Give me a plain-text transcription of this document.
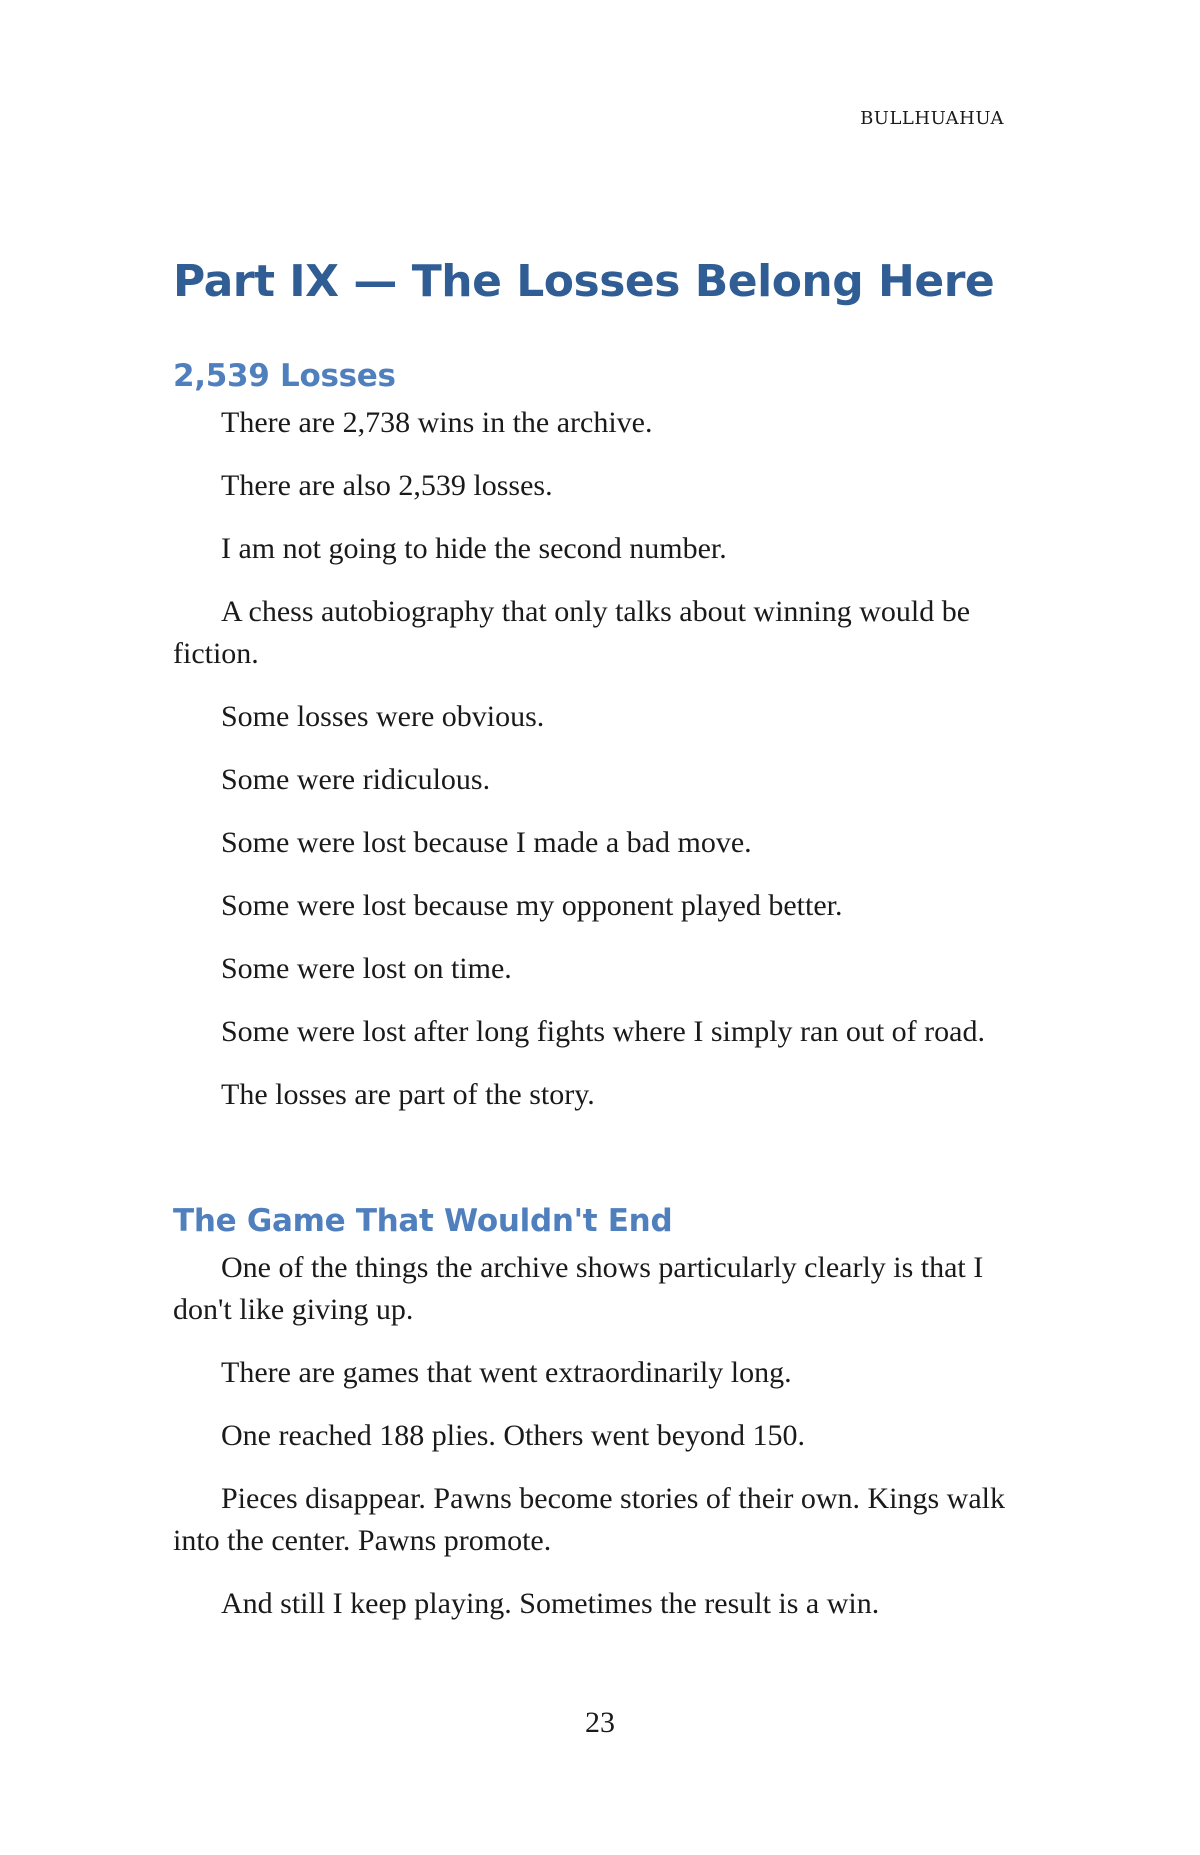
BULLHUAHUA
Part IX — The Losses Belong Here
2,539 Losses

There are 2,738 wins in the archive.

There are also 2,539 losses.

I am not going to hide the second number.

A chess autobiography that only talks about winning would be fiction.

Some losses were obvious.

Some were ridiculous.

Some were lost because I made a bad move.

Some were lost because my opponent played better.

Some were lost on time.

Some were lost after long fights where I simply ran out of road.

The losses are part of the story.

The Game That Wouldn't End

One of the things the archive shows particularly clearly is that I don't like giving up.

There are games that went extraordinarily long.

One reached 188 plies. Others went beyond 150.

Pieces disappear. Pawns become stories of their own. Kings walk into the center. Pawns promote.

And still I keep playing. Sometimes the result is a win.

23
